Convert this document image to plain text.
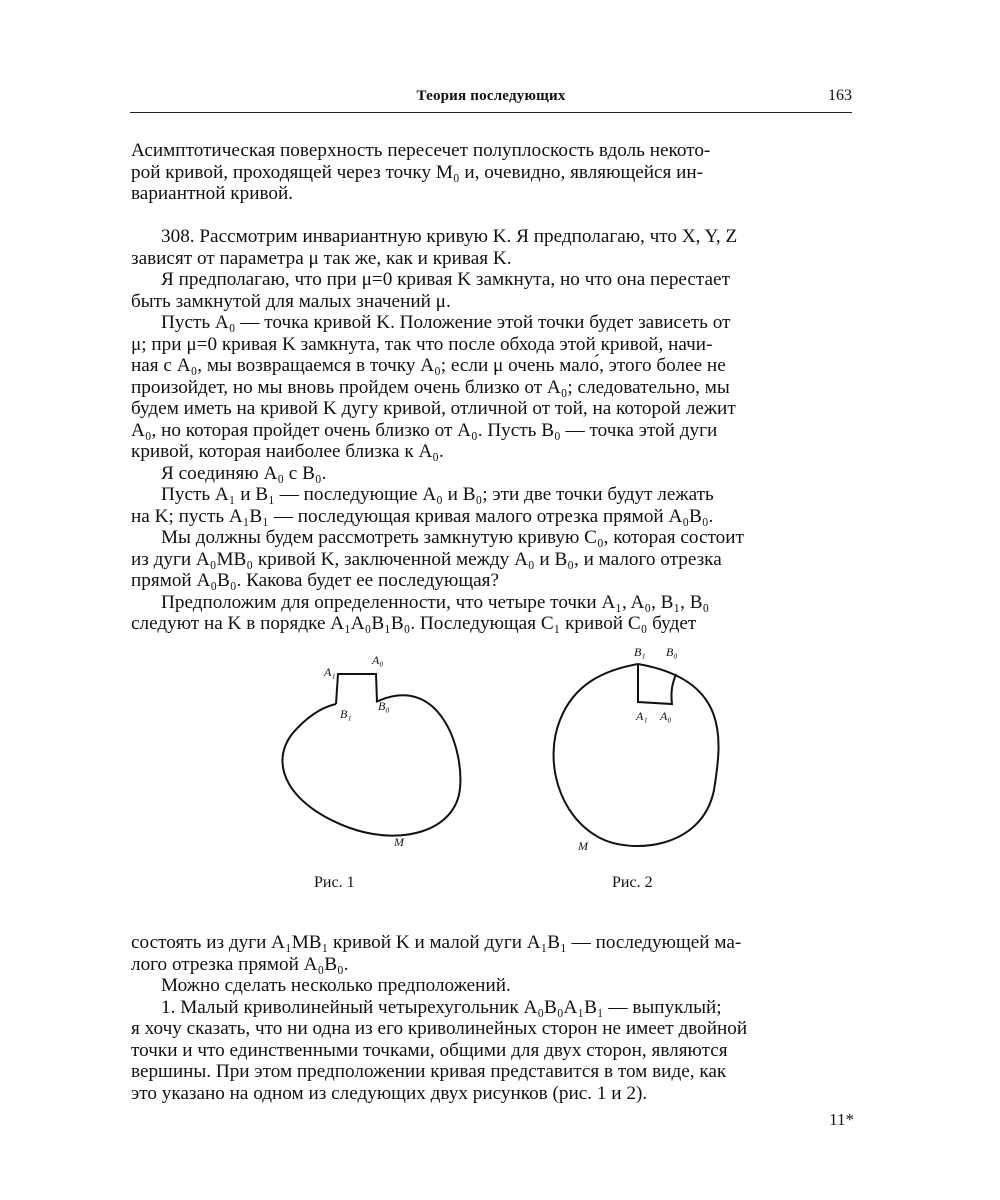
Теория последующих	163

Асимптотическая поверхность пересечет полуплоскость вдоль некото-

рой кривой, проходящей через точку M₀ и, очевидно, являющейся ин-

вариантной кривой.

308. Рассмотрим инвариантную кривую K. Я предполагаю, что X, Y, Z

зависят от параметра μ так же, как и кривая K.

Я предполагаю, что при μ=0 кривая K замкнута, но что она перестает

быть замкнутой для малых значений μ.

Пусть A₀ — точка кривой K. Положение этой точки будет зависеть от

μ; при μ=0 кривая K замкнута, так что после обхода этой кривой, начи-

ная с A₀, мы возвращаемся в точку A₀; если μ очень мало́, этого более не

произойдет, но мы вновь пройдем очень близко от A₀; следовательно, мы

будем иметь на кривой K дугу кривой, отличной от той, на которой лежит

A₀, но которая пройдет очень близко от A₀. Пусть B₀ — точка этой дуги

кривой, которая наиболее близка к A₀.

Я соединяю A₀ с B₀.

Пусть A₁ и B₁ — последующие A₀ и B₀; эти две точки будут лежать

на K; пусть A₁B₁ — последующая кривая малого отрезка прямой A₀B₀.

Мы должны будем рассмотреть замкнутую кривую C₀, которая состоит

из дуги A₀MB₀ кривой K, заключенной между A₀ и B₀, и малого отрезка

прямой A₀B₀. Какова будет ее последующая?

Предположим для определенности, что четыре точки A₁, A₀, B₁, B₀

следуют на K в порядке A₁A₀B₁B₀. Последующая C₁ кривой C₀ будет

A₁
A₀
B₁
B₀
M
B₁ B₀
A₁ A₀
M
Рис. 1	Рис. 2

состоять из дуги A₁MB₁ кривой K и малой дуги A₁B₁ — последующей ма-

лого отрезка прямой A₀B₀.

Можно сделать несколько предположений.

1. Малый криволинейный четырехугольник A₀B₀A₁B₁ — выпуклый;

я хочу сказать, что ни одна из его криволинейных сторон не имеет двойной

точки и что единственными точками, общими для двух сторон, являются

вершины. При этом предположении кривая представится в том виде, как

это указано на одном из следующих двух рисунков (рис. 1 и 2).

11*
